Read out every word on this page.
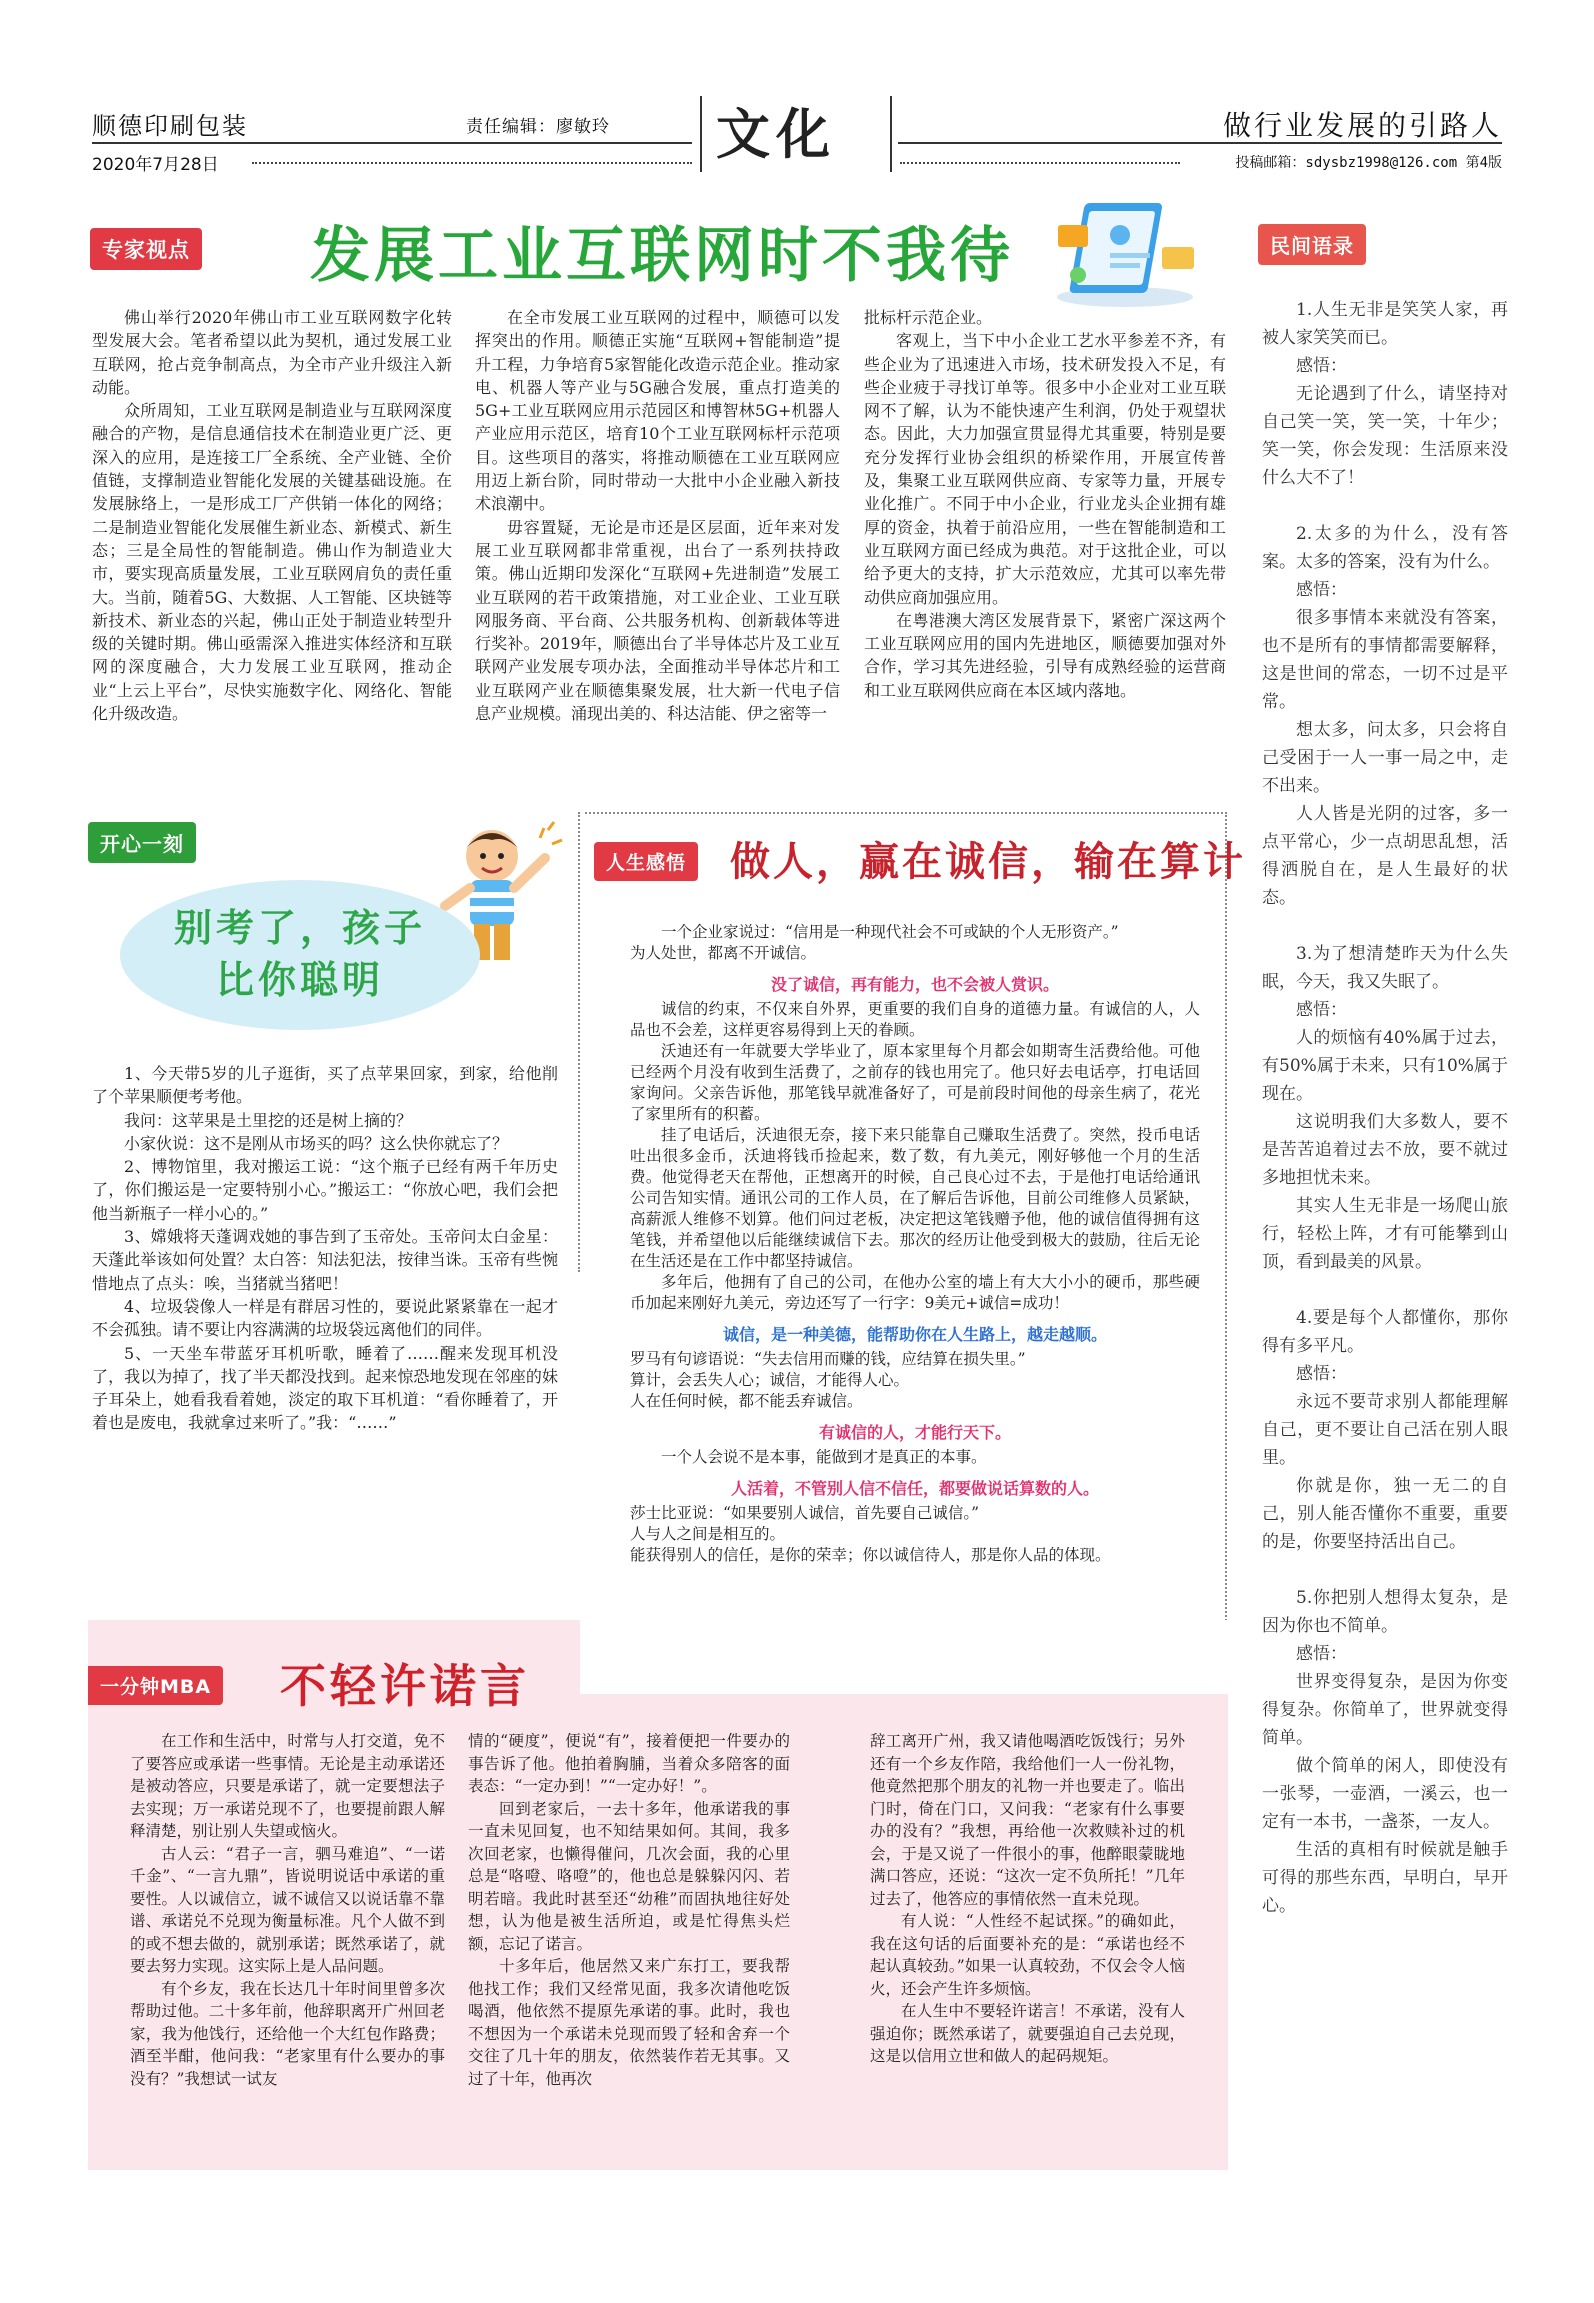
顺德印刷包装	责任编辑：廖敏玲 文化	做行业发展的引路人
2020年7月28日	投稿邮箱：sdysbz1998@126.com 第4版
专家视点 发展工业互联网时不我待

佛山举行2020年佛山市工业互联网数字化转型发展大会。笔者希望以此为契机，通过发展工业互联网，抢占竞争制高点，为全市产业升级注入新动能。

众所周知，工业互联网是制造业与互联网深度融合的产物，是信息通信技术在制造业更广泛、更深入的应用，是连接工厂全系统、全产业链、全价值链，支撑制造业智能化发展的关键基础设施。在发展脉络上，一是形成工厂产供销一体化的网络；二是制造业智能化发展催生新业态、新模式、新生态；三是全局性的智能制造。佛山作为制造业大市，要实现高质量发展，工业互联网肩负的责任重大。当前，随着5G、大数据、人工智能、区块链等新技术、新业态的兴起，佛山正处于制造业转型升级的关键时期。佛山亟需深入推进实体经济和互联网的深度融合，大力发展工业互联网，推动企业“上云上平台”，尽快实施数字化、网络化、智能化升级改造。

在全市发展工业互联网的过程中，顺德可以发挥突出的作用。顺德正实施“互联网+智能制造”提升工程，力争培育5家智能化改造示范企业。推动家电、机器人等产业与5G融合发展，重点打造美的5G+工业互联网应用示范园区和博智林5G+机器人产业应用示范区，培育10个工业互联网标杆示范项目。这些项目的落实，将推动顺德在工业互联网应用迈上新台阶，同时带动一大批中小企业融入新技术浪潮中。

毋容置疑，无论是市还是区层面，近年来对发展工业互联网都非常重视，出台了一系列扶持政策。佛山近期印发深化“互联网+先进制造”发展工业互联网的若干政策措施，对工业企业、工业互联网服务商、平台商、公共服务机构、创新载体等进行奖补。2019年，顺德出台了半导体芯片及工业互联网产业发展专项办法，全面推动半导体芯片和工业互联网产业在顺德集聚发展，壮大新一代电子信息产业规模。涌现出美的、科达洁能、伊之密等一

批标杆示范企业。

客观上，当下中小企业工艺水平参差不齐，有些企业为了迅速进入市场，技术研发投入不足，有些企业疲于寻找订单等。很多中小企业对工业互联网不了解，认为不能快速产生利润，仍处于观望状态。因此，大力加强宣贯显得尤其重要，特别是要充分发挥行业协会组织的桥梁作用，开展宣传普及，集聚工业互联网供应商、专家等力量，开展专业化推广。不同于中小企业，行业龙头企业拥有雄厚的资金，执着于前沿应用，一些在智能制造和工业互联网方面已经成为典范。对于这批企业，可以给予更大的支持，扩大示范效应，尤其可以率先带动供应商加强应用。

在粤港澳大湾区发展背景下，紧密广深这两个工业互联网应用的国内先进地区，顺德要加强对外合作，学习其先进经验，引导有成熟经验的运营商和工业互联网供应商在本区域内落地。

民间语录

1.人生无非是笑笑人家，再被人家笑笑而已。

感悟：

无论遇到了什么，请坚持对自己笑一笑，笑一笑，十年少；笑一笑，你会发现：生活原来没什么大不了！

2.太多的为什么，没有答案。太多的答案，没有为什么。

感悟：

很多事情本来就没有答案，也不是所有的事情都需要解释，这是世间的常态，一切不过是平常。

想太多，问太多，只会将自己受困于一人一事一局之中，走不出来。

人人皆是光阴的过客，多一点平常心，少一点胡思乱想，活得洒脱自在，是人生最好的状态。

3.为了想清楚昨天为什么失眠，今天，我又失眠了。

感悟：

人的烦恼有40%属于过去，有50%属于未来，只有10%属于现在。

这说明我们大多数人，要不是苦苦追着过去不放，要不就过多地担忧未来。

其实人生无非是一场爬山旅行，轻松上阵，才有可能攀到山顶，看到最美的风景。

4.要是每个人都懂你，那你得有多平凡。

感悟：

永远不要苛求别人都能理解自己，更不要让自己活在别人眼里。

你就是你，独一无二的自己，别人能否懂你不重要，重要的是，你要坚持活出自己。

5.你把别人想得太复杂，是因为你也不简单。

感悟：

世界变得复杂，是因为你变得复杂。你简单了，世界就变得简单。

做个简单的闲人，即使没有一张琴，一壶酒，一溪云，也一定有一本书，一盏茶，一友人。

生活的真相有时候就是触手可得的那些东西，早明白，早开心。

开心一刻
别考了，孩子
比你聪明

1、今天带5岁的儿子逛街，买了点苹果回家，到家，给他削了个苹果顺便考考他。

我问：这苹果是土里挖的还是树上摘的？

小家伙说：这不是刚从市场买的吗？这么快你就忘了？

2、博物馆里，我对搬运工说：“这个瓶子已经有两千年历史了，你们搬运是一定要特别小心。”搬运工：“你放心吧，我们会把他当新瓶子一样小心的。”

3、嫦娥将天蓬调戏她的事告到了玉帝处。玉帝问太白金星：天蓬此举该如何处置？太白答：知法犯法，按律当诛。玉帝有些惋惜地点了点头：唉，当猪就当猪吧！

4、垃圾袋像人一样是有群居习性的，要说此紧紧靠在一起才不会孤独。请不要让内容满满的垃圾袋远离他们的同伴。

5、一天坐车带蓝牙耳机听歌，睡着了……醒来发现耳机没了，我以为掉了，找了半天都没找到。起来惊恐地发现在邻座的妹子耳朵上，她看我看着她，淡定的取下耳机道：“看你睡着了，开着也是废电，我就拿过来听了。”我：“……”

人生感悟	做人，赢在诚信，输在算计

一个企业家说过：“信用是一种现代社会不可或缺的个人无形资产。”

为人处世，都离不开诚信。

没了诚信，再有能力，也不会被人赏识。

诚信的约束，不仅来自外界，更重要的我们自身的道德力量。有诚信的人，人品也不会差，这样更容易得到上天的眷顾。

沃迪还有一年就要大学毕业了，原本家里每个月都会如期寄生活费给他。可他已经两个月没有收到生活费了，之前存的钱也用完了。他只好去电话亭，打电话回家询问。父亲告诉他，那笔钱早就准备好了，可是前段时间他的母亲生病了，花光了家里所有的积蓄。

挂了电话后，沃迪很无奈，接下来只能靠自己赚取生活费了。突然，投币电话吐出很多金币，沃迪将钱币捡起来，数了数，有九美元，刚好够他一个月的生活费。他觉得老天在帮他，正想离开的时候，自己良心过不去，于是他打电话给通讯公司告知实情。通讯公司的工作人员，在了解后告诉他，目前公司维修人员紧缺，高薪派人维修不划算。他们问过老板，决定把这笔钱赠予他，他的诚信值得拥有这笔钱，并希望他以后能继续诚信下去。那次的经历让他受到极大的鼓励，往后无论在生活还是在工作中都坚持诚信。

多年后，他拥有了自己的公司，在他办公室的墙上有大大小小的硬币，那些硬币加起来刚好九美元，旁边还写了一行字：9美元+诚信=成功！

诚信，是一种美德，能帮助你在人生路上，越走越顺。

罗马有句谚语说：“失去信用而赚的钱，应结算在损失里。”

算计，会丢失人心；诚信，才能得人心。

人在任何时候，都不能丢弃诚信。

有诚信的人，才能行天下。

一个人会说不是本事，能做到才是真正的本事。

人活着，不管别人信不信任，都要做说话算数的人。

莎士比亚说：“如果要别人诚信，首先要自己诚信。”

人与人之间是相互的。

能获得别人的信任，是你的荣幸；你以诚信待人，那是你人品的体现。

一分钟MBA 不轻许诺言

在工作和生活中，时常与人打交道，免不了要答应或承诺一些事情。无论是主动承诺还是被动答应，只要是承诺了，就一定要想法子去实现；万一承诺兑现不了，也要提前跟人解释清楚，别让别人失望或恼火。

古人云：“君子一言，驷马难追”、“一诺千金”、“一言九鼎”，皆说明说话中承诺的重要性。人以诚信立，诚不诚信又以说话靠不靠谱、承诺兑不兑现为衡量标准。凡个人做不到的或不想去做的，就别承诺；既然承诺了，就要去努力实现。这实际上是人品问题。

有个乡友，我在长达几十年时间里曾多次帮助过他。二十多年前，他辞职离开广州回老家，我为他饯行，还给他一个大红包作路费；酒至半酣，他问我：“老家里有什么要办的事没有？”我想试一试友

情的“硬度”，便说“有”，接着便把一件要办的事告诉了他。他拍着胸脯，当着众多陪客的面表态：“一定办到！”“一定办好！”。

回到老家后，一去十多年，他承诺我的事一直未见回复，也不知结果如何。其间，我多次回老家，也懒得催问，几次会面，我的心里总是“咯噔、咯噔”的，他也总是躲躲闪闪、若明若暗。我此时甚至还“幼稚”而固执地往好处想，认为他是被生活所迫，或是忙得焦头烂额，忘记了诺言。

十多年后，他居然又来广东打工，要我帮他找工作；我们又经常见面，我多次请他吃饭喝酒，他依然不提原先承诺的事。此时，我也不想因为一个承诺未兑现而毁了轻和舍弃一个交往了几十年的朋友，依然装作若无其事。又过了十年，他再次

辞工离开广州，我又请他喝酒吃饭饯行；另外还有一个乡友作陪，我给他们一人一份礼物，他竟然把那个朋友的礼物一并也要走了。临出门时，倚在门口，又问我：“老家有什么事要办的没有？”我想，再给他一次救赎补过的机会，于是又说了一件很小的事，他醉眼蒙眬地满口答应，还说：“这次一定不负所托！”几年过去了，他答应的事情依然一直未兑现。

有人说：“人性经不起试探。”的确如此，我在这句话的后面要补充的是：“承诺也经不起认真较劲。”如果一认真较劲，不仅会令人恼火，还会产生许多烦恼。

在人生中不要轻许诺言！不承诺，没有人强迫你；既然承诺了，就要强迫自己去兑现，这是以信用立世和做人的起码规矩。
